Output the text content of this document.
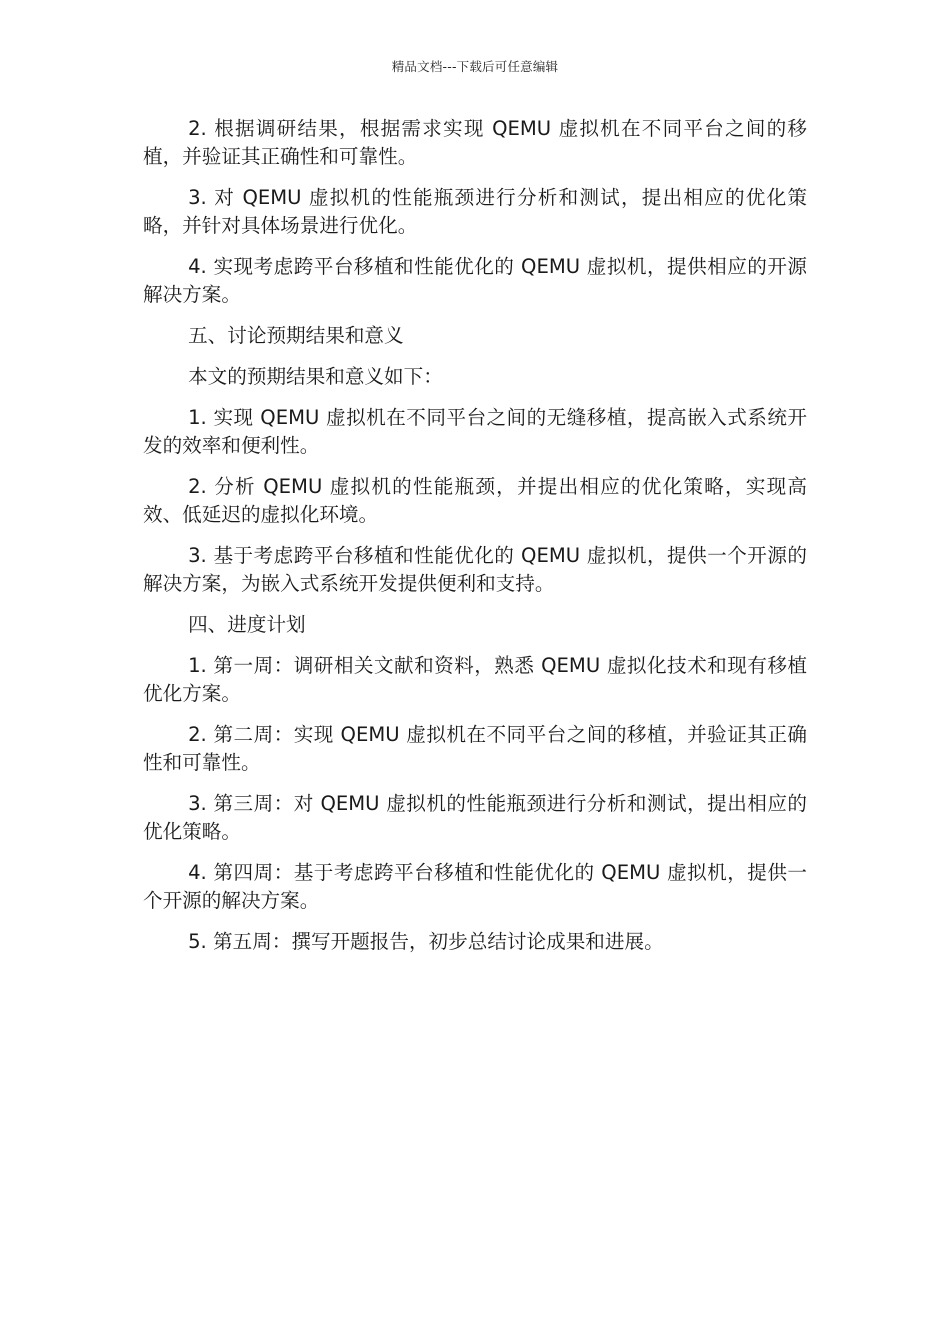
精品文档---下载后可任意编辑

2. 根据调研结果，根据需求实现 QEMU 虚拟机在不同平台之间的移植，并验证其正确性和可靠性。

3. 对 QEMU 虚拟机的性能瓶颈进行分析和测试，提出相应的优化策略，并针对具体场景进行优化。

4. 实现考虑跨平台移植和性能优化的 QEMU 虚拟机，提供相应的开源解决方案。

五、讨论预期结果和意义

本文的预期结果和意义如下：

1. 实现 QEMU 虚拟机在不同平台之间的无缝移植，提高嵌入式系统开发的效率和便利性。

2. 分析 QEMU 虚拟机的性能瓶颈，并提出相应的优化策略，实现高效、低延迟的虚拟化环境。

3. 基于考虑跨平台移植和性能优化的 QEMU 虚拟机，提供一个开源的解决方案，为嵌入式系统开发提供便利和支持。

四、进度计划

1. 第一周：调研相关文献和资料，熟悉 QEMU 虚拟化技术和现有移植优化方案。

2. 第二周：实现 QEMU 虚拟机在不同平台之间的移植，并验证其正确性和可靠性。

3. 第三周：对 QEMU 虚拟机的性能瓶颈进行分析和测试，提出相应的优化策略。

4. 第四周：基于考虑跨平台移植和性能优化的 QEMU 虚拟机，提供一个开源的解决方案。

5. 第五周：撰写开题报告，初步总结讨论成果和进展。
